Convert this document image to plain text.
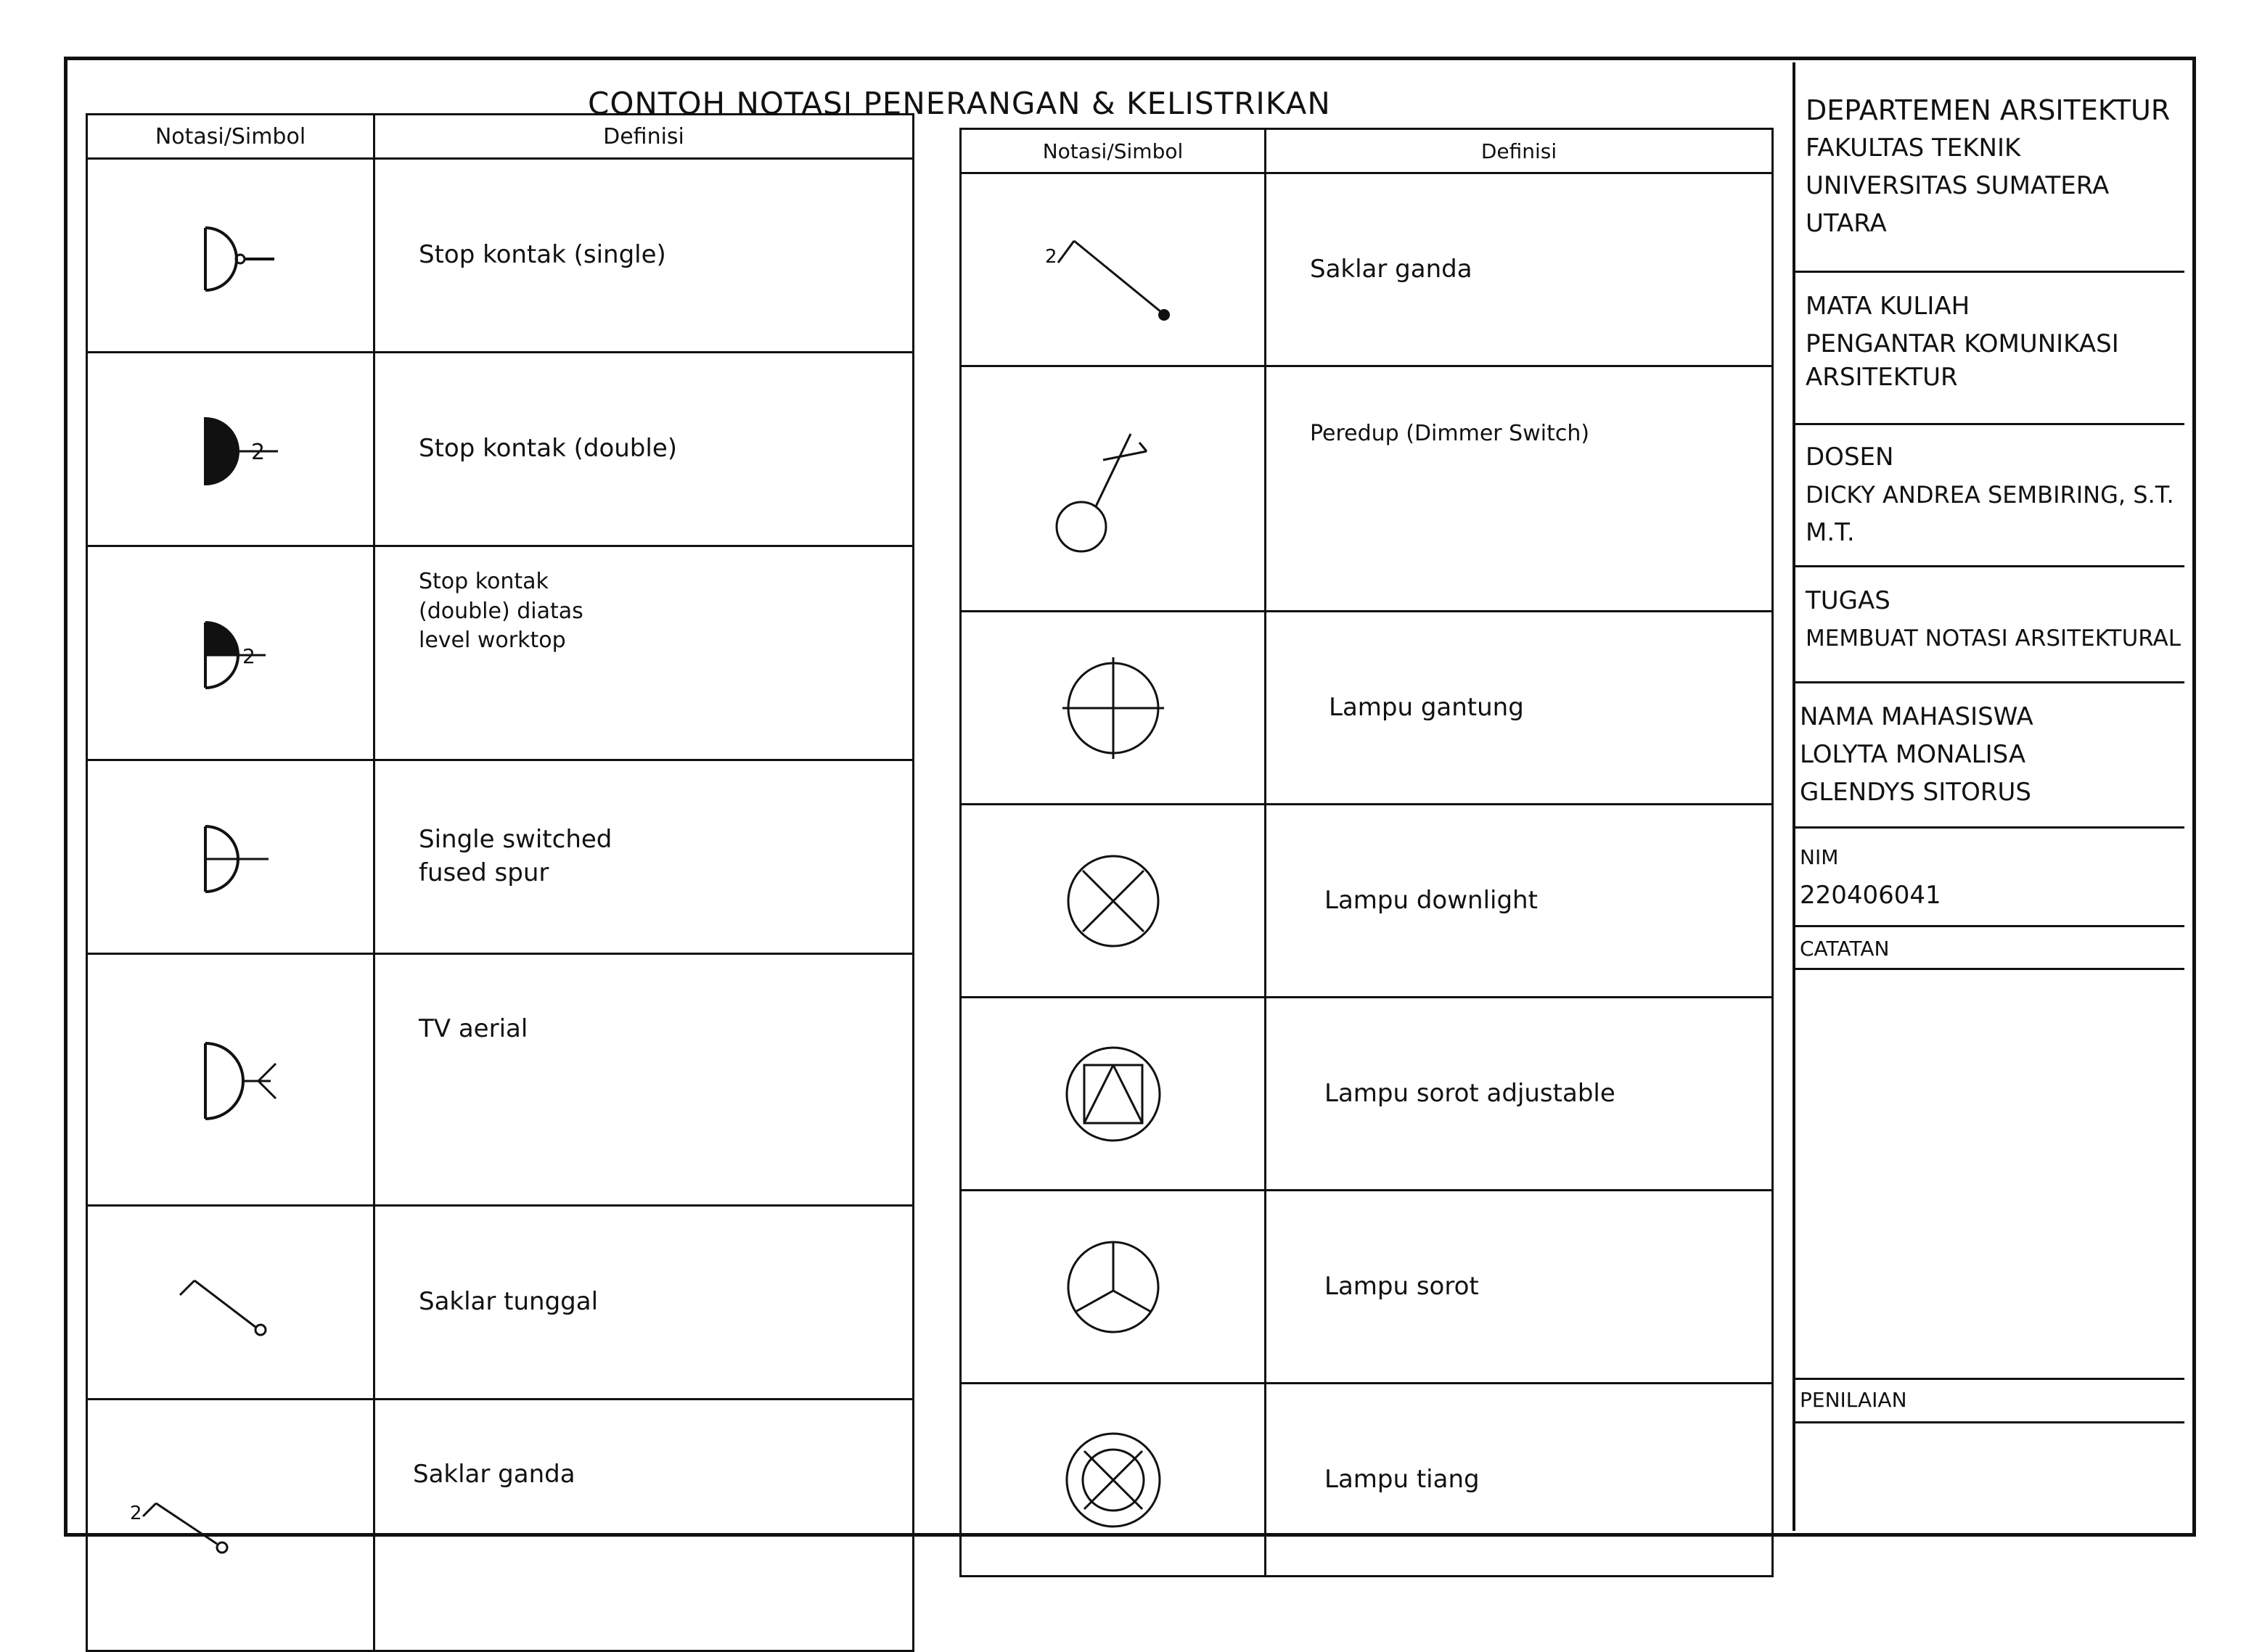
CONTOH NOTASI PENERANGAN & KELISTRIKAN
Notasi/Simbol	Definisi

Stop kontak (single)

2	Stop kontak (double)

2	Stop kontak
(double) diatas
level worktop

Single switched
fused spur

TV aerial

Saklar tunggal

2	Saklar ganda
Notasi/Simbol	Definisi

2	Saklar ganda

Peredup (Dimmer Switch)

Lampu gantung

Lampu downlight

Lampu sorot adjustable

Lampu sorot

Lampu tiang
DEPARTEMEN ARSITEKTUR
FAKULTAS TEKNIK
UNIVERSITAS SUMATERA
UTARA
MATA KULIAH
PENGANTAR KOMUNIKASI
ARSITEKTUR
DOSEN
DICKY ANDREA SEMBIRING, S.T.
M.T.
TUGAS
MEMBUAT NOTASI ARSITEKTURAL
NAMA MAHASISWA
LOLYTA MONALISA
GLENDYS SITORUS
NIM
220406041
CATATAN
PENILAIAN
